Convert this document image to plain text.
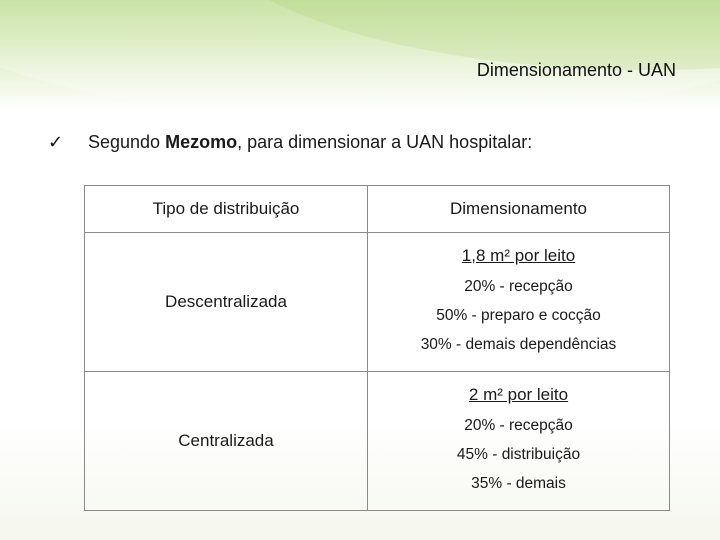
Dimensionamento - UAN
✓ Segundo Mezomo, para dimensionar a UAN hospitalar:
Tipo de distribuição	Dimensionamento
Descentralizada	1,8 m² por leito
20% - recepção
50% - preparo e cocção
30% - demais dependências

Centralizada	2 m² por leito
20% - recepção
45% - distribuição
35% - demais
